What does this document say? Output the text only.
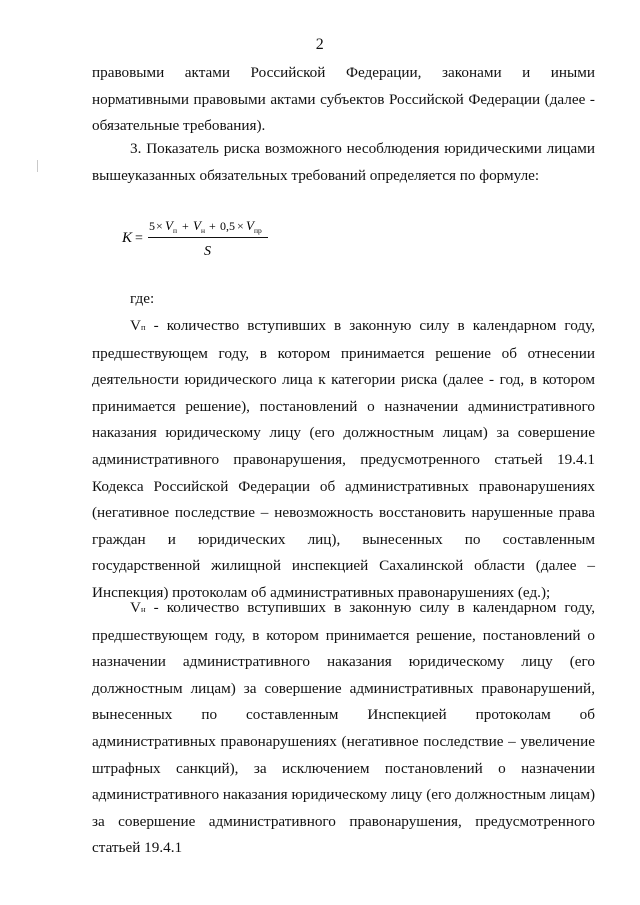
2

правовыми актами Российской Федерации, законами и иными нормативными правовыми актами субъектов Российской Федерации (далее - обязательные требования).

3. Показатель риска возможного несоблюдения юридическими лицами вышеуказанных обязательных требований определяется по формуле:

K =
5 × V п + V н + 0,5 × V пр
S

где:

Vп - количество вступивших в законную силу в календарном году, предшествующем году, в котором принимается решение об отнесении деятельности юридического лица к категории риска (далее - год, в котором принимается решение), постановлений о назначении административного наказания юридическому лицу (его должностным лицам) за совершение административного правонарушения, предусмотренного статьей 19.4.1 Кодекса Российской Федерации об административных правонарушениях (негативное последствие – невозможность восстановить нарушенные права граждан и юридических лиц), вынесенных по составленным государственной жилищной инспекцией Сахалинской области (далее – Инспекция) протоколам об административных правонарушениях (ед.);

Vн - количество вступивших в законную силу в календарном году, предшествующем году, в котором принимается решение, постановлений о назначении административного наказания юридическому лицу (его должностным лицам) за совершение административных правонарушений, вынесенных по составленным Инспекцией протоколам об административных правонарушениях (негативное последствие – увеличение штрафных санкций), за исключением постановлений о назначении административного наказания юридическому лицу (его должностным лицам) за совершение административного правонарушения, предусмотренного статьей 19.4.1
